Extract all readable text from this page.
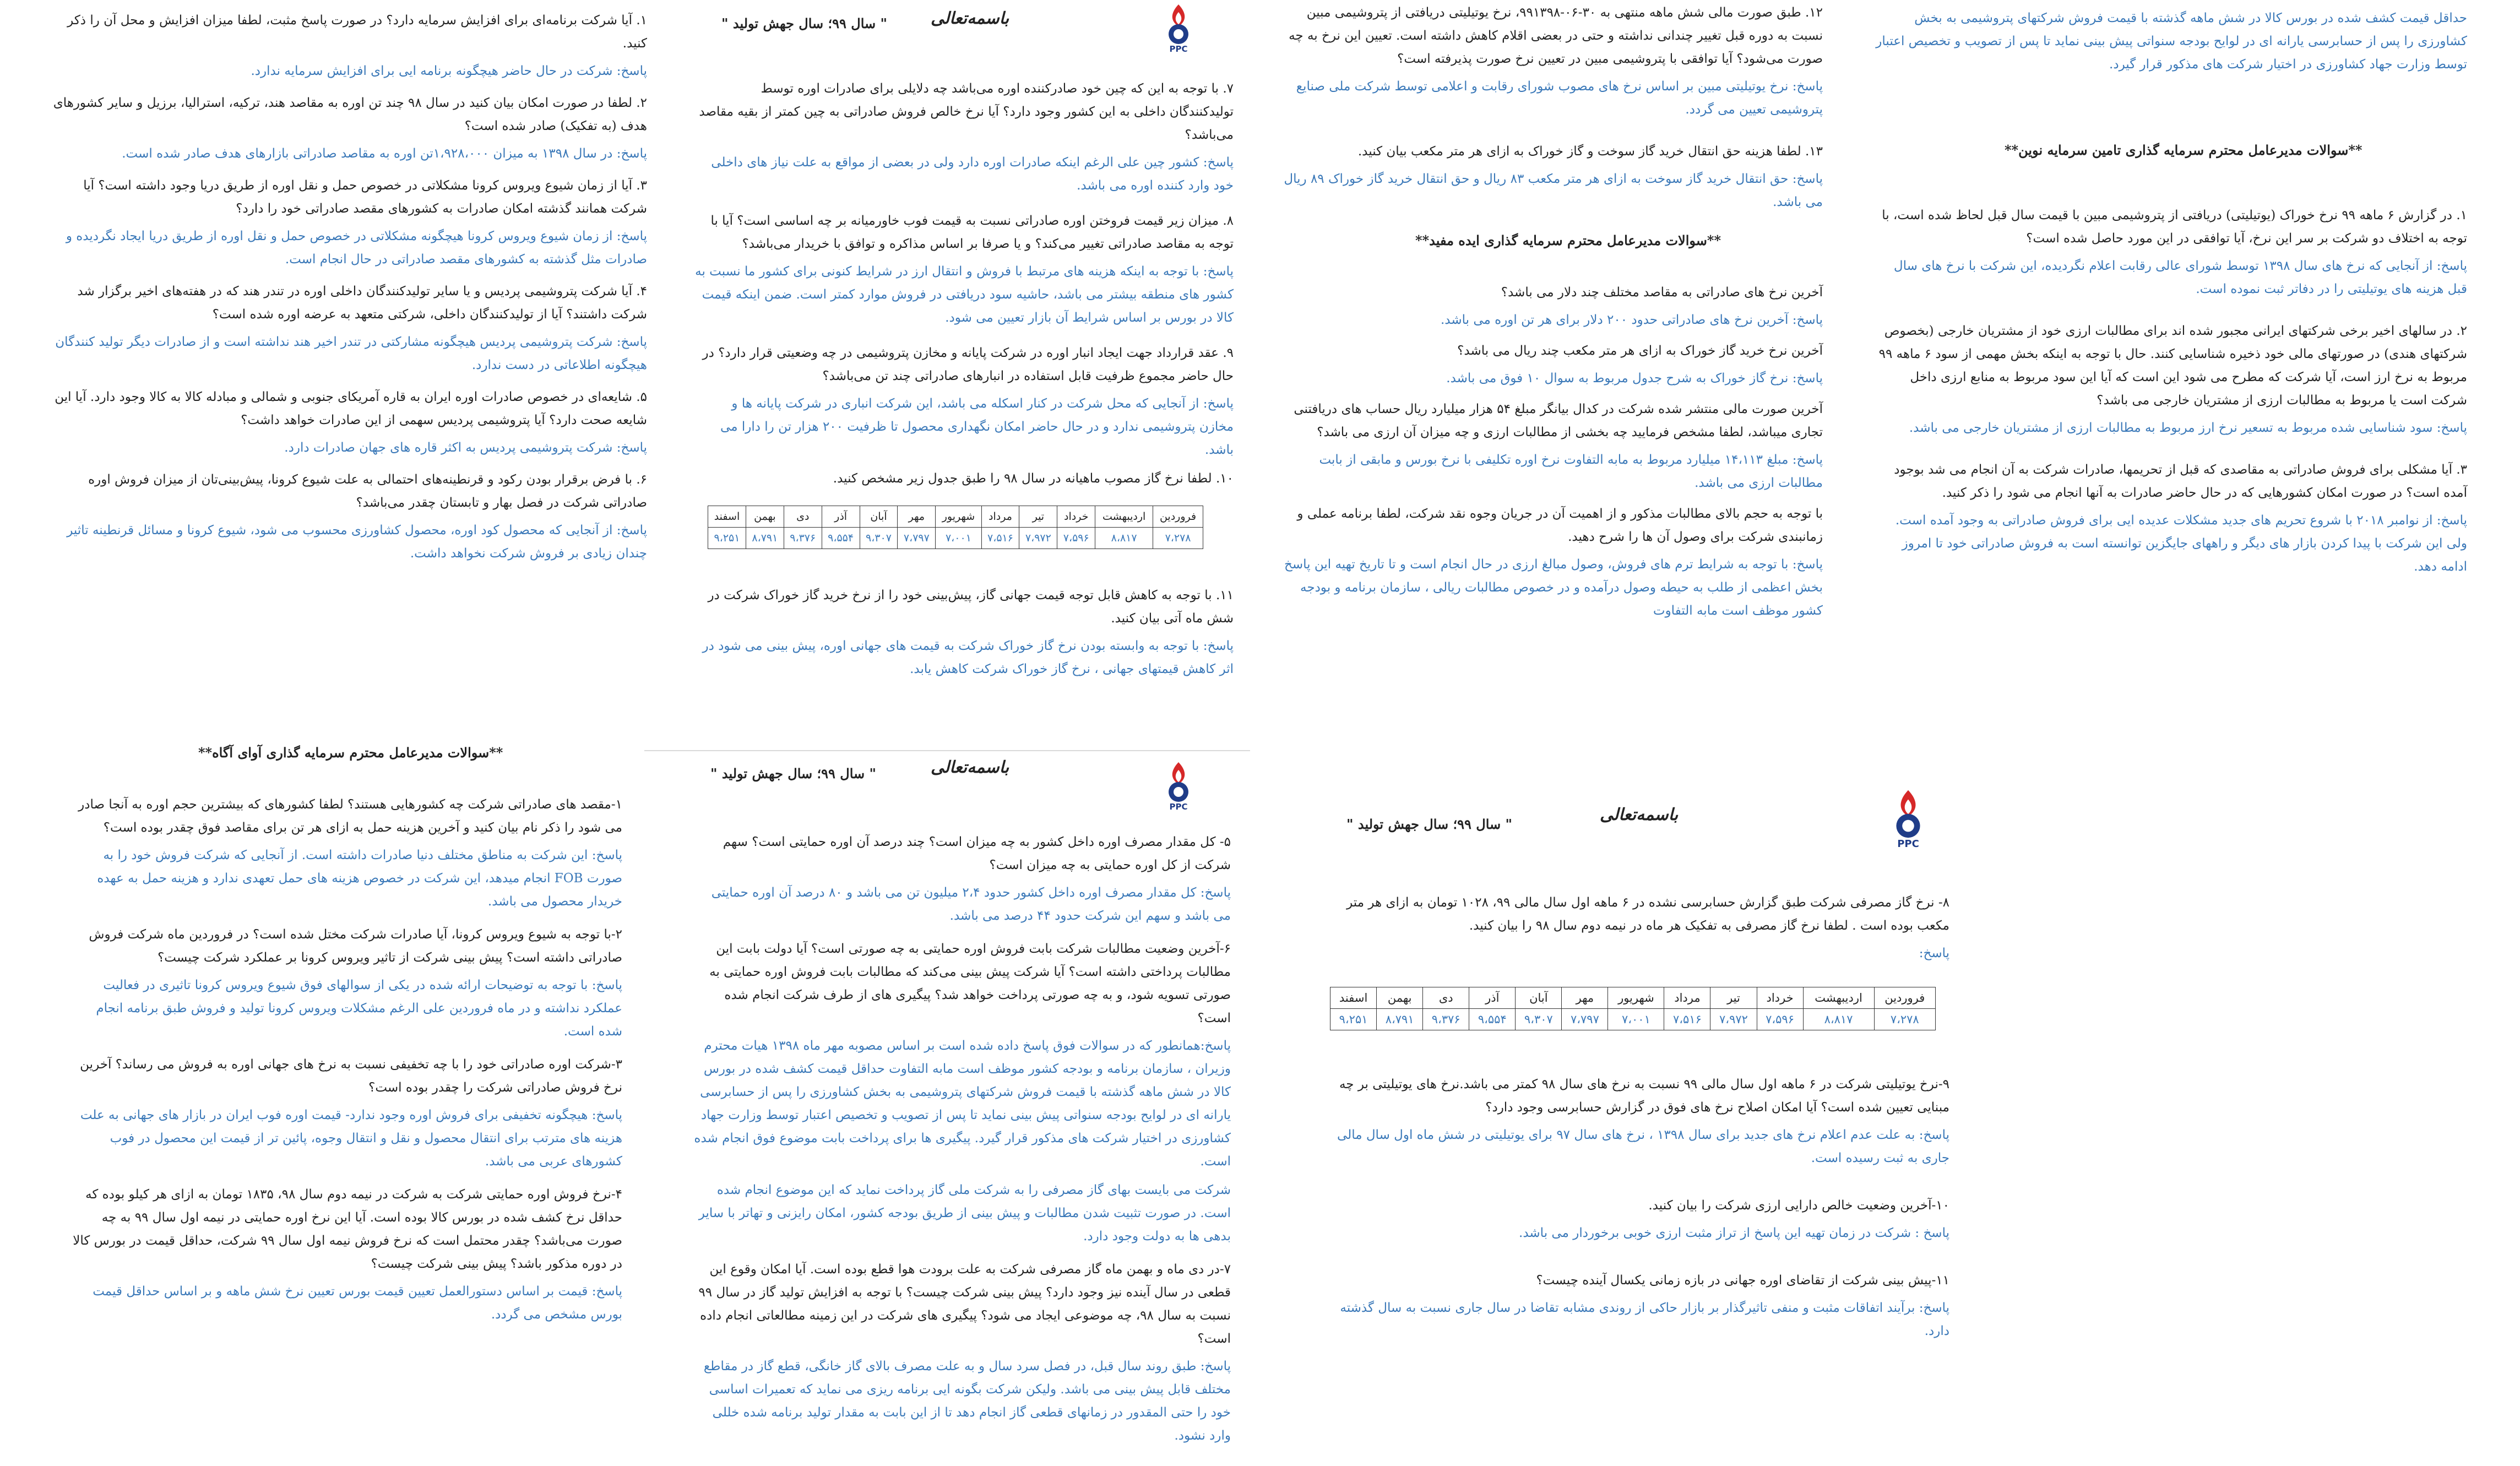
حداقل قیمت کشف شده در بورس کالا در شش ماهه گذشته با قیمت فروش شرکتهای پتروشیمی به بخش کشاورزی را پس از حسابرسی یارانه ای در لوایح بودجه سنواتی پیش بینی نماید تا پس از تصویب و تخصیص اعتبار توسط وزارت جهاد کشاورزی در اختیار شرکت های مذکور قرار گیرد.

**سوالات مدیرعامل محترم سرمایه گذاری تامین سرمایه نوین**

۱. در گزارش ۶ ماهه ۹۹ نرخ خوراک (یوتیلیتی) دریافتی از پتروشیمی مبین با قیمت سال قبل لحاظ شده است، با توجه به اختلاف دو شرکت بر سر این نرخ، آیا توافقی در این مورد حاصل شده است؟

پاسخ: از آنجایی که نرخ های سال ۱۳۹۸ توسط شورای عالی رقابت اعلام نگردیده، این شرکت با نرخ های سال قبل هزینه های یوتیلیتی را در دفاتر ثبت نموده است.

۲. در سالهای اخیر برخی شرکتهای ایرانی مجبور شده اند برای مطالبات ارزی خود از مشتریان خارجی (بخصوص شرکتهای هندی) در صورتهای مالی خود ذخیره شناسایی کنند. حال با توجه به اینکه بخش مهمی از سود ۶ ماهه ۹۹ مربوط به نرخ ارز است، آیا شرکت که مطرح می شود این است که آیا این سود مربوط به منابع ارزی داخل شرکت است یا مربوط به مطالبات ارزی از مشتریان خارجی می باشد؟

پاسخ: سود شناسایی شده مربوط به تسعیر نرخ ارز مربوط به مطالبات ارزی از مشتریان خارجی می باشد.

۳. آیا مشکلی برای فروش صادراتی به مقاصدی که قبل از تحریمها، صادرات شرکت به آن انجام می شد بوجود آمده است؟ در صورت امکان کشورهایی که در حال حاضر صادرات به آنها انجام می شود را ذکر کنید.

پاسخ: از نوامبر ۲۰۱۸ با شروع تحریم های جدید مشکلات عدیده ایی برای فروش صادراتی به وجود آمده است. ولی این شرکت با پیدا کردن بازار های دیگر و راههای جایگزین توانسته است به فروش صادراتی خود تا امروز ادامه دهد.

۱۲. طبق صورت مالی شش ماهه منتهی به ۳۰-۰۶-۹۹۱۳۹۸، نرخ یوتیلیتی دریافتی از پتروشیمی مبین نسبت به دوره قبل تغییر چندانی نداشته و حتی در بعضی اقلام کاهش داشته است. تعیین این نرخ به چه صورت می‌شود؟ آیا توافقی با پتروشیمی مبین در تعیین نرخ صورت پذیرفته است؟

پاسخ: نرخ یوتیلیتی مبین بر اساس نرخ های مصوب شورای رقابت و اعلامی توسط شرکت ملی صنایع پتروشیمی تعیین می گردد.

۱۳. لطفا هزینه حق انتقال خرید گاز سوخت و گاز خوراک به ازای هر متر مکعب بیان کنید.

پاسخ: حق انتقال خرید گاز سوخت به ازای هر متر مکعب ۸۳ ریال و حق انتقال خرید گاز خوراک ۸۹ ریال می باشد.

**سوالات مدیرعامل محترم سرمایه گذاری ایده مفید**

آخرین نرخ های صادراتی به مقاصد مختلف چند دلار می باشد؟

پاسخ: آخرین نرخ های صادراتی حدود ۲۰۰ دلار برای هر تن اوره می باشد.

آخرین نرخ خرید گاز خوراک به ازای هر متر مکعب چند ریال می باشد؟

پاسخ: نرخ گاز خوراک به شرح جدول مربوط به سوال ۱۰ فوق می باشد.

آخرین صورت مالی منتشر شده شرکت در کدال بیانگر مبلغ ۵۴ هزار میلیارد ریال حساب های دریافتنی تجاری میباشد، لطفا مشخص فرمایید چه بخشی از مطالبات ارزی و چه میزان آن ارزی می باشد؟

پاسخ: مبلغ ۱۴،۱۱۳ میلیارد مربوط به مابه التفاوت نرخ اوره تکلیفی با نرخ بورس و مابقی از بابت مطالبات ارزی می باشد.

با توجه به حجم بالای مطالبات مذکور و از اهمیت آن در جریان وجوه نقد شرکت، لطفا برنامه عملی و زمانبندی شرکت برای وصول آن ها را شرح دهید.

پاسخ: با توجه به شرایط ترم های فروش، وصول مبالغ ارزی در حال انجام است و تا تاریخ تهیه این پاسخ بخش اعظمی از طلب به حیطه وصول درآمده و در خصوص مطالبات ریالی ، سازمان برنامه و بودجه کشور موظف است مابه التفاوت

PPC
باسمه‌تعالی
" سال ۹۹؛ سال جهش تولید "

۷. با توجه به این که چین خود صادرکننده اوره می‌باشد چه دلایلی برای صادرات اوره توسط تولیدکنندگان داخلی به این کشور وجود دارد؟ آیا نرخ خالص فروش صادراتی به چین کمتر از بقیه مقاصد می‌باشد؟

پاسخ: کشور چین علی الرغم اینکه صادرات اوره دارد ولی در بعضی از مواقع به علت نیاز های داخلی خود وارد کننده اوره می باشد.

۸. میزان زیر قیمت فروختن اوره صادراتی نسبت به قیمت فوب خاورمیانه بر چه اساسی است؟ آیا با توجه به مقاصد صادراتی تغییر می‌کند؟ و یا صرفا بر اساس مذاکره و توافق با خریدار می‌باشد؟

پاسخ: با توجه به اینکه هزینه های مرتبط با فروش و انتقال ارز در شرایط کنونی برای کشور ما نسبت به کشور های منطقه بیشتر می باشد، حاشیه سود دریافتی در فروش موارد کمتر است. ضمن اینکه قیمت کالا در بورس بر اساس شرایط آن بازار تعیین می شود.

۹. عقد قرارداد جهت ایجاد انبار اوره در شرکت پایانه و مخازن پتروشیمی در چه وضعیتی قرار دارد؟ در حال حاضر مجموع ظرفیت قابل استفاده در انبارهای صادراتی چند تن می‌باشد؟

پاسخ: از آنجایی که محل شرکت در کنار اسکله می باشد، این شرکت انباری در شرکت پایانه ها و مخازن پتروشیمی ندارد و در حال حاضر امکان نگهداری محصول تا ظرفیت ۲۰۰ هزار تن را دارا می باشد.

۱۰. لطفا نرخ گاز مصوب ماهیانه در سال ۹۸ را طبق جدول زیر مشخص کنید.

فروردین	اردیبهشت	خرداد	تیر	مرداد	شهریور	مهر	آبان	آذر	دی	بهمن	اسفند
۷،۲۷۸	۸،۸۱۷	۷،۵۹۶	۷،۹۷۲	۷،۵۱۶	۷،۰۰۱	۷،۷۹۷	۹،۳۰۷	۹،۵۵۴	۹،۳۷۶	۸،۷۹۱	۹،۲۵۱

۱۱. با توجه به کاهش قابل توجه قیمت جهانی گاز، پیش‌بینی خود را از نرخ خرید گاز خوراک شرکت در شش ماه آتی بیان کنید.

پاسخ: با توجه به وابسته بودن نرخ گاز خوراک شرکت به قیمت های جهانی اوره، پیش بینی می شود در اثر کاهش قیمتهای جهانی ، نرخ گاز خوراک شرکت کاهش یابد.

۱. آیا شرکت برنامه‌ای برای افزایش سرمایه دارد؟ در صورت پاسخ مثبت، لطفا میزان افزایش و محل آن را ذکر کنید.

پاسخ: شرکت در حال حاضر هیچگونه برنامه ایی برای افزایش سرمایه ندارد.

۲. لطفا در صورت امکان بیان کنید در سال ۹۸ چند تن اوره به مقاصد هند، ترکیه، استرالیا، برزیل و سایر کشورهای هدف (به تفکیک) صادر شده است؟

پاسخ: در سال ۱۳۹۸ به میزان ۱،۹۲۸،۰۰۰تن اوره به مقاصد صادراتی بازارهای هدف صادر شده است.

۳. آیا از زمان شیوع ویروس کرونا مشکلاتی در خصوص حمل و نقل اوره از طریق دریا وجود داشته است؟ آیا شرکت همانند گذشته امکان صادرات به کشورهای مقصد صادراتی خود را دارد؟

پاسخ: از زمان شیوع ویروس کرونا هیچگونه مشکلاتی در خصوص حمل و نقل اوره از طریق دریا ایجاد نگردیده و صادرات مثل گذشته به کشورهای مقصد صادراتی در حال انجام است.

۴. آیا شرکت پتروشیمی پردیس و یا سایر تولیدکنندگان داخلی اوره در تندر هند که در هفته‌های اخیر برگزار شد شرکت داشتند؟ آیا از تولیدکنندگان داخلی، شرکتی متعهد به عرضه اوره شده است؟

پاسخ: شرکت پتروشیمی پردیس هیچگونه مشارکتی در تندر اخیر هند نداشته است و از صادرات دیگر تولید کنندگان هیچگونه اطلاعاتی در دست ندارد.

۵. شایعه‌ای در خصوص صادرات اوره ایران به قاره آمریکای جنوبی و شمالی و مبادله کالا به کالا وجود دارد. آیا این شایعه صحت دارد؟ آیا پتروشیمی پردیس سهمی از این صادرات خواهد داشت؟

پاسخ: شرکت پتروشیمی پردیس به اکثر قاره های جهان صادرات دارد.

۶. با فرض برقرار بودن رکود و قرنطینه‌های احتمالی به علت شیوع کرونا، پیش‌بینی‌تان از میزان فروش اوره صادراتی شرکت در فصل بهار و تابستان چقدر می‌باشد؟

پاسخ: از آنجایی که محصول کود اوره، محصول کشاورزی محسوب می شود، شیوع کرونا و مسائل قرنطینه تاثیر چندان زیادی بر فروش شرکت نخواهد داشت.

**سوالات مدیرعامل محترم سرمایه گذاری آوای آگاه**

۱-مقصد های صادراتی شرکت چه کشورهایی هستند؟ لطفا کشورهای که بیشترین حجم اوره به آنجا صادر می شود را ذکر نام بیان کنید و آخرین هزینه حمل به ازای هر تن برای مقاصد فوق چقدر بوده است؟

پاسخ: این شرکت به مناطق مختلف دنیا صادرات داشته است. از آنجایی که شرکت فروش خود را به صورت FOB انجام میدهد، این شرکت در خصوص هزینه های حمل تعهدی ندارد و هزینه حمل به عهده خریدار محصول می باشد.

۲-با توجه به شیوع ویروس کرونا، آیا صادرات شرکت مختل شده است؟ در فروردین ماه شرکت فروش صادراتی داشته است؟ پیش بینی شرکت از تاثیر ویروس کرونا بر عملکرد شرکت چیست؟

پاسخ: با توجه به توضیحات ارائه شده در یکی از سوالهای فوق شیوع ویروس کرونا تاثیری در فعالیت عملکرد نداشته و در ماه فروردین علی الرغم مشکلات ویروس کرونا تولید و فروش طبق برنامه انجام شده است.

۳-شرکت اوره صادراتی خود را با چه تخفیفی نسبت به نرخ های جهانی اوره به فروش می رساند؟ آخرین نرخ فروش صادراتی شرکت را چقدر بوده است؟

پاسخ: هیچگونه تخفیفی برای فروش اوره وجود ندارد- قیمت اوره فوب ایران در بازار های جهانی به علت هزینه های مترتب برای انتقال محصول و نقل و انتقال وجوه، پائین تر از قیمت این محصول در فوب کشورهای عربی می باشد.

۴-نرخ فروش اوره حمایتی شرکت به شرکت در نیمه دوم سال ۹۸، ۱۸۳۵ تومان به ازای هر کیلو بوده که حداقل نرخ کشف شده در بورس کالا بوده است. آیا این نرخ اوره حمایتی در نیمه اول سال ۹۹ به چه صورت می‌باشد؟ چقدر محتمل است که نرخ فروش نیمه اول سال ۹۹ شرکت، حداقل قیمت در بورس کالا در دوره مذکور باشد؟ پیش بینی شرکت چیست؟

پاسخ: قیمت بر اساس دستورالعمل تعیین قیمت بورس تعیین نرخ شش ماهه و بر اساس حداقل قیمت بورس مشخص می گردد.

PPC
باسمه‌تعالی
" سال ۹۹؛ سال جهش تولید "

۵- کل مقدار مصرف اوره داخل کشور به چه میزان است؟ چند درصد آن اوره حمایتی است؟ سهم شرکت از کل اوره حمایتی به چه میزان است؟

پاسخ: کل مقدار مصرف اوره داخل کشور حدود ۲،۴ میلیون تن می باشد و ۸۰ درصد آن اوره حمایتی می باشد و سهم این شرکت حدود ۴۴ درصد می باشد.

۶-آخرین وضعیت مطالبات شرکت بابت فروش اوره حمایتی به چه صورتی است؟ آیا دولت بابت این مطالبات پرداختی داشته است؟ آیا شرکت پیش بینی می‌کند که مطالبات بابت فروش اوره حمایتی به صورتی تسویه شود، و به چه صورتی پرداخت خواهد شد؟ پیگیری های از طرف شرکت انجام شده است؟

پاسخ:همانطور که در سوالات فوق پاسخ داده شده است بر اساس مصوبه مهر ماه ۱۳۹۸ هیات محترم وزیران ، سازمان برنامه و بودجه کشور موظف است مابه التفاوت حداقل قیمت کشف شده در بورس کالا در شش ماهه گذشته با قیمت فروش شرکتهای پتروشیمی به بخش کشاورزی را پس از حسابرسی یارانه ای در لوایح بودجه سنواتی پیش بینی نماید تا پس از تصویب و تخصیص اعتبار توسط وزارت جهاد کشاورزی در اختیار شرکت های مذکور قرار گیرد. پیگیری ها برای پرداخت بابت موضوع فوق انجام شده است.

شرکت می بایست بهای گاز مصرفی را به شرکت ملی گاز پرداخت نماید که این موضوع انجام شده است. در صورت تثبیت شدن مطالبات و پیش بینی از طریق بودجه کشور، امکان رایزنی و تهاتر با سایر بدهی ها به دولت وجود دارد.

۷-در دی ماه و بهمن ماه گاز مصرفی شرکت به علت برودت هوا قطع بوده است. آیا امکان وقوع این قطعی در سال آینده نیز وجود دارد؟ پیش بینی شرکت چیست؟ با توجه به افزایش تولید گاز در سال ۹۹ نسبت به سال ۹۸، چه موضوعی ایجاد می شود؟ پیگیری های شرکت در این زمینه مطالعاتی انجام داده است؟

پاسخ: طبق روند سال قبل، در فصل سرد سال و به علت مصرف بالای گاز خانگی، قطع گاز در مقاطع مختلف قابل پیش بینی می باشد. ولیکن شرکت بگونه ایی برنامه ریزی می نماید که تعمیرات اساسی خود را حتی المقدور در زمانهای قطعی گاز انجام دهد تا از این بابت به مقدار تولید برنامه شده خللی وارد نشود.

PPC
باسمه‌تعالی
" سال ۹۹؛ سال جهش تولید "

۸- نرخ گاز مصرفی شرکت طبق گزارش حسابرسی نشده در ۶ ماهه اول سال مالی ۹۹، ۱۰۲۸ تومان به ازای هر متر مکعب بوده است . لطفا نرخ گاز مصرفی به تفکیک هر ماه در نیمه دوم سال ۹۸ را بیان کنید.

پاسخ:

فروردین	اردیبهشت	خرداد	تیر	مرداد	شهریور	مهر	آبان	آذر	دی	بهمن	اسفند
۷،۲۷۸	۸،۸۱۷	۷،۵۹۶	۷،۹۷۲	۷،۵۱۶	۷،۰۰۱	۷،۷۹۷	۹،۳۰۷	۹،۵۵۴	۹،۳۷۶	۸،۷۹۱	۹،۲۵۱

۹-نرخ یوتیلیتی شرکت در ۶ ماهه اول سال مالی ۹۹ نسبت به نرخ های سال ۹۸ کمتر می باشد.نرخ های یوتیلیتی بر چه مبنایی تعیین شده است؟ آیا امکان اصلاح نرخ های فوق در گزارش حسابرسی وجود دارد؟

پاسخ: به علت عدم اعلام نرخ های جدید برای سال ۱۳۹۸ ، نرخ های سال ۹۷ برای یوتیلیتی در شش ماه اول سال مالی جاری به ثبت رسیده است.

۱۰-آخرین وضعیت خالص دارایی ارزی شرکت را بیان کنید.

پاسخ : شرکت در زمان تهیه این پاسخ از تراز مثبت ارزی خوبی برخوردار می باشد.

۱۱-پیش بینی شرکت از تقاضای اوره جهانی در بازه زمانی یکسال آینده چیست؟

پاسخ: برآیند اتفاقات مثبت و منفی تاثیرگذار بر بازار حاکی از روندی مشابه تقاضا در سال جاری نسبت به سال گذشته دارد.
